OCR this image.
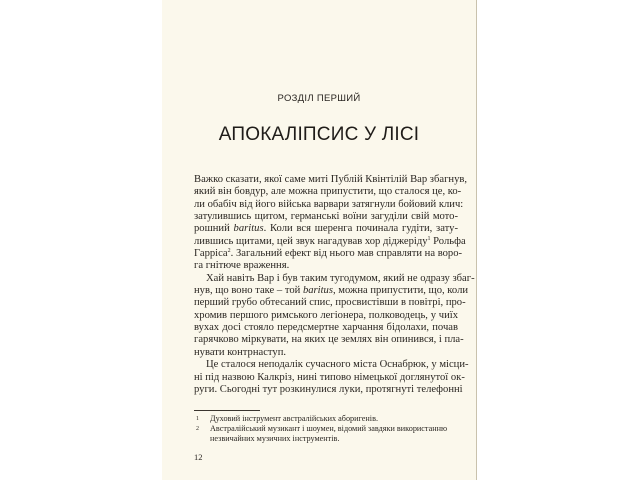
РОЗДІЛ ПЕРШИЙ
АПОКАЛІПСИС У ЛІСІ
Важко сказати, якої саме миті Публій Квінтілій Вар збагнув,
який він бовдур, але можна припустити, що сталося це, ко-
ли обабіч від його війська варвари затягнули бойовий клич:
затулившись щитом, германські воїни загуділи свій мото-
рошний baritus. Коли вся шеренга починала гудіти, зату-
лившись щитами, цей звук нагадував хор діджеріду$^1$ Рольфа
Гарріса$^2$. Загальний ефект від нього мав справляти на воро-
га гнітюче враження.
Хай навіть Вар і був таким тугодумом, який не одразу збаг-
нув, що воно таке – той baritus, можна припустити, що, коли
перший грубо обтесаний спис, просвистівши в повітрі, про-
хромив першого римського легіонера, полководець, у чиїх
вухах досі стояло передсмертне харчання бідолахи, почав
гарячково міркувати, на яких це землях він опинився, і пла-
нувати контрнаступ.
Це сталося неподалік сучасного міста Оснабрюк, у місци-
ні під назвою Калкріз, нині типово німецької доглянутої ок-
руги. Сьогодні тут розкинулися луки, протягнуті телефонні
1	Духовий інструмент австралійських аборигенів.
2	Австралійський музикант і шоумен, відомий завдяки використанню незвичайних музичних інструментів.
12
